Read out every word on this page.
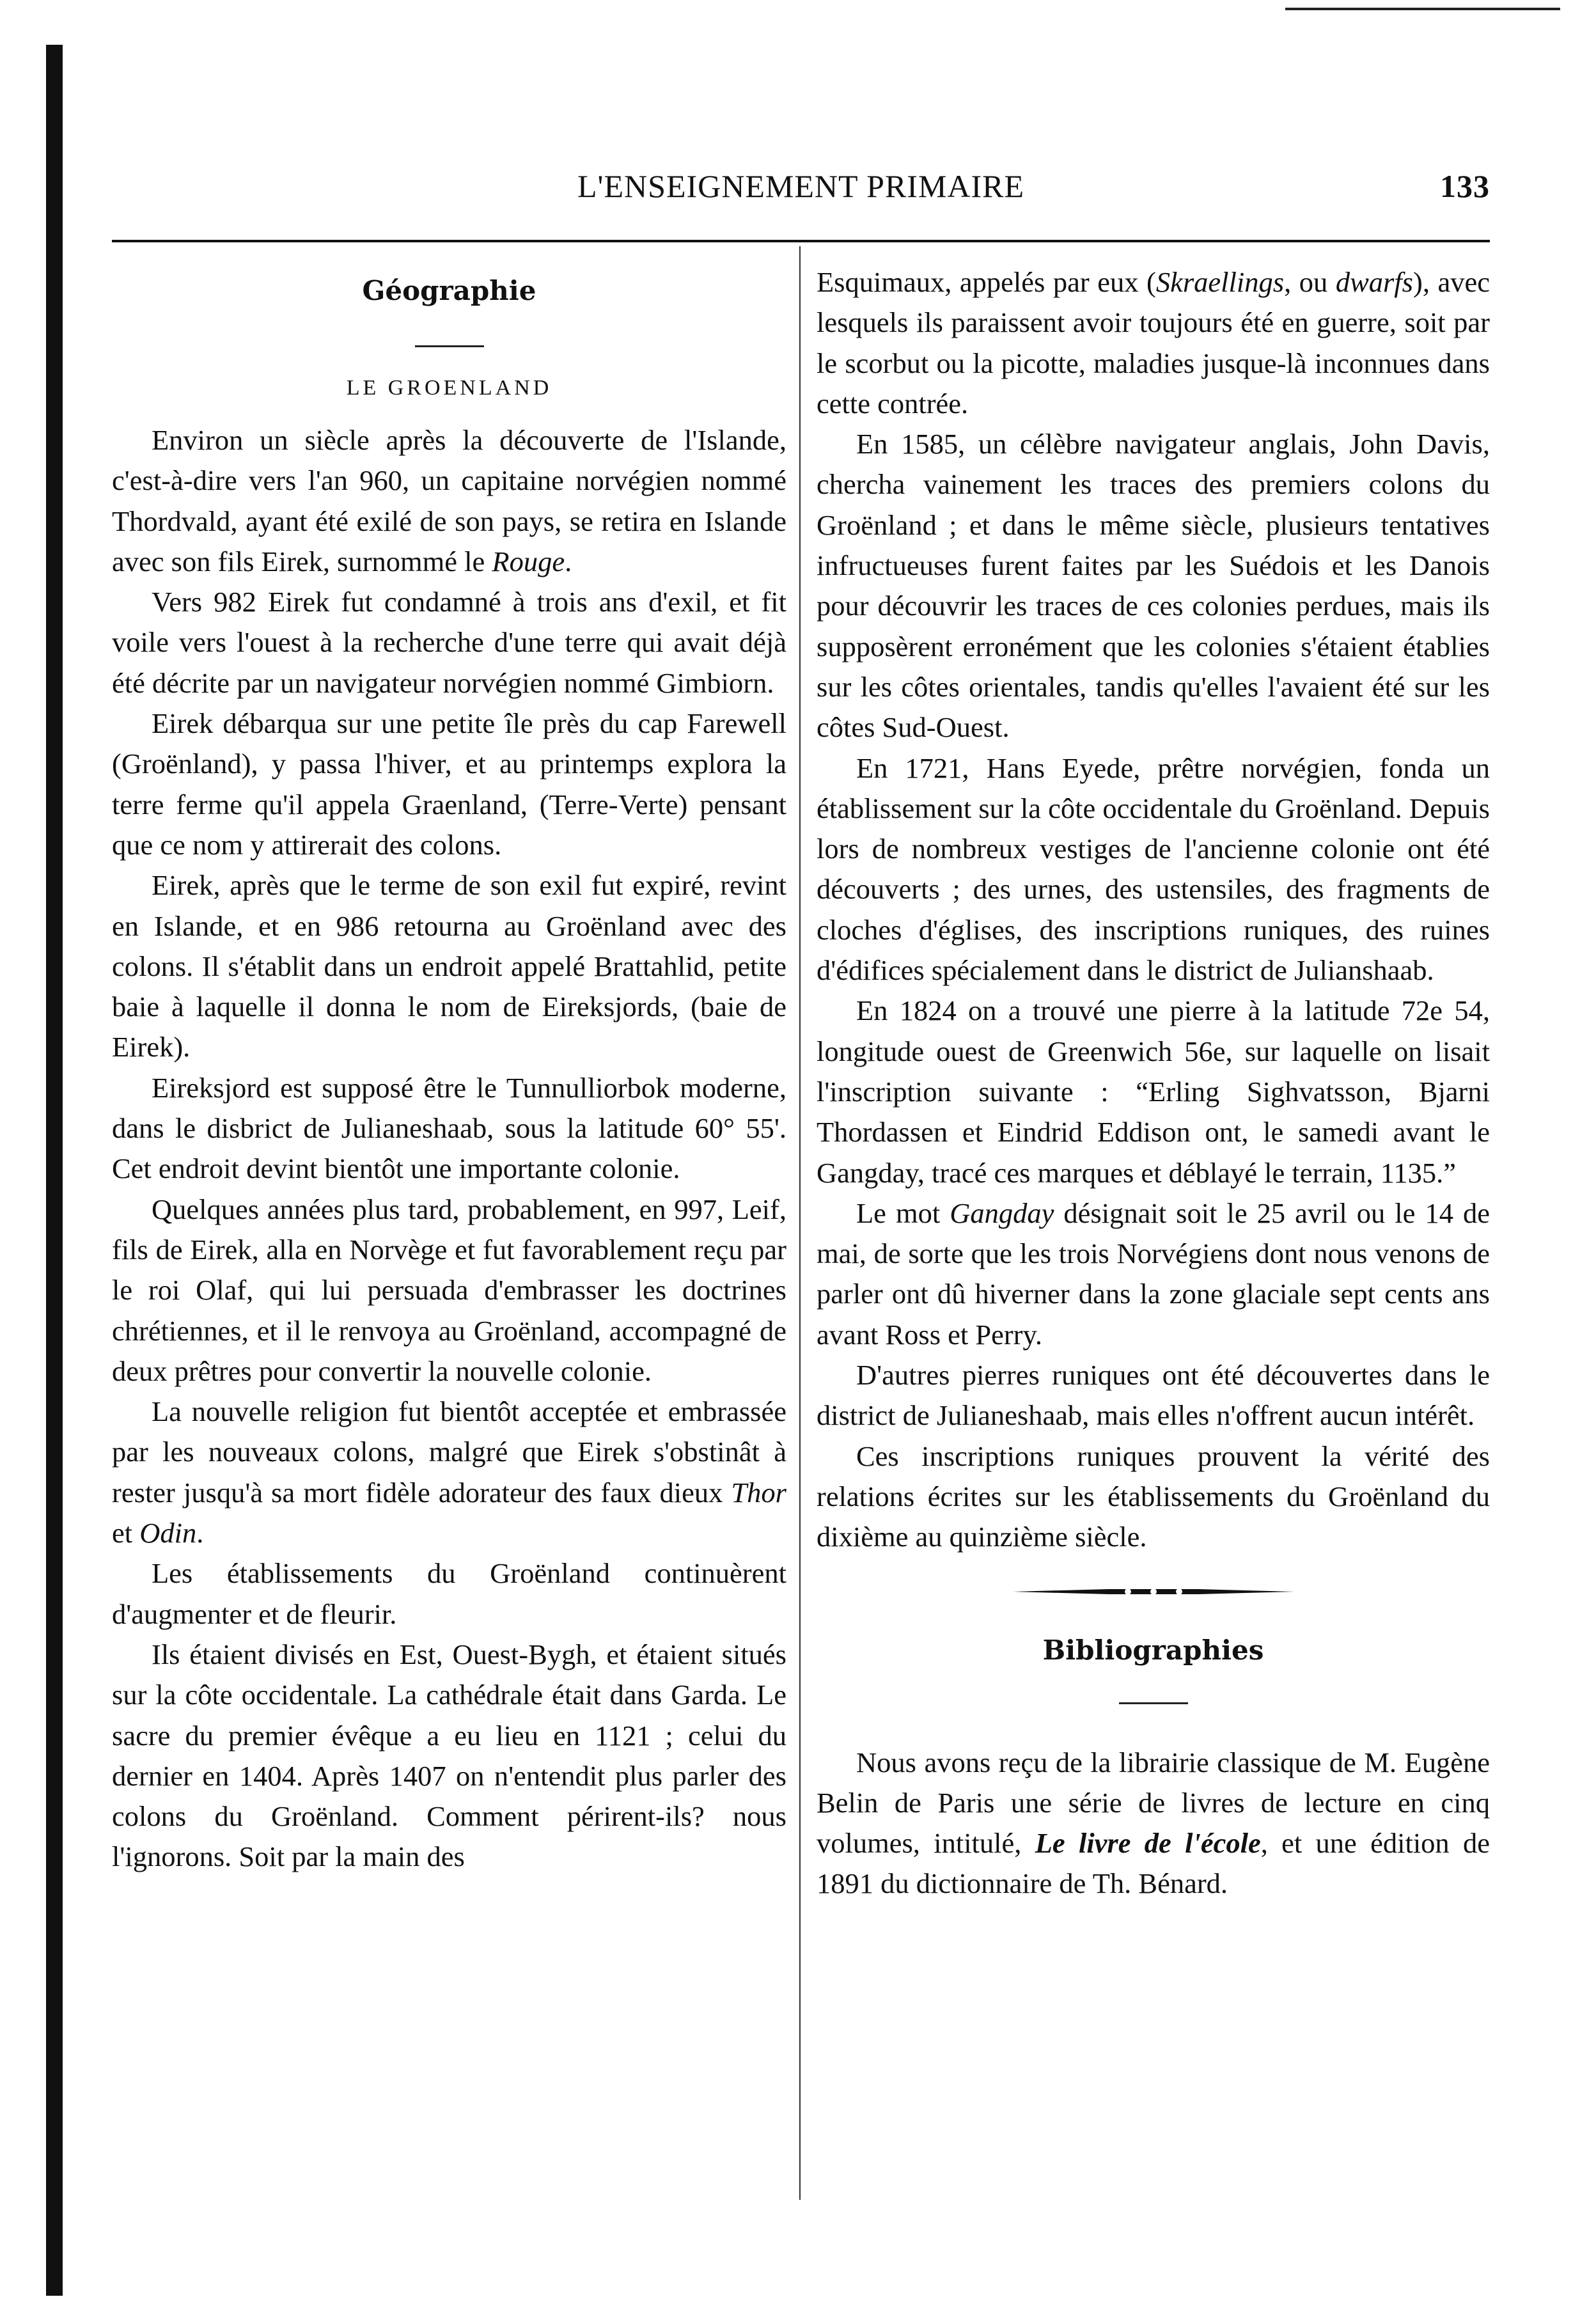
L'ENSEIGNEMENT PRIMAIRE	133
Géographie
LE GROENLAND

Environ un siècle après la découverte de l'Islande, c'est-à-dire vers l'an 960, un capitaine norvégien nommé Thordvald, ayant été exilé de son pays, se retira en Islande avec son fils Eirek, surnommé le Rouge.

Vers 982 Eirek fut condamné à trois ans d'exil, et fit voile vers l'ouest à la recherche d'une terre qui avait déjà été décrite par un navigateur norvégien nommé Gimbiorn.

Eirek débarqua sur une petite île près du cap Farewell (Groënland), y passa l'hiver, et au printemps explora la terre ferme qu'il appela Graenland, (Terre-Verte) pensant que ce nom y attirerait des colons.

Eirek, après que le terme de son exil fut expiré, revint en Islande, et en 986 retourna au Groënland avec des colons. Il s'établit dans un endroit appelé Brattahlid, petite baie à laquelle il donna le nom de Eireksjords, (baie de Eirek).

Eireksjord est supposé être le Tunnulliorbok moderne, dans le disbrict de Julianeshaab, sous la latitude 60° 55'. Cet endroit devint bientôt une importante colonie.

Quelques années plus tard, probablement, en 997, Leif, fils de Eirek, alla en Norvège et fut favorablement reçu par le roi Olaf, qui lui persuada d'embrasser les doctrines chrétiennes, et il le renvoya au Groënland, accompagné de deux prêtres pour convertir la nouvelle colonie.

La nouvelle religion fut bientôt acceptée et embrassée par les nouveaux colons, malgré que Eirek s'obstinât à rester jusqu'à sa mort fidèle adorateur des faux dieux Thor et Odin.

Les établissements du Groënland continuèrent d'augmenter et de fleurir.

Ils étaient divisés en Est, Ouest-Bygh, et étaient situés sur la côte occidentale. La cathédrale était dans Garda. Le sacre du premier évêque a eu lieu en 1121 ; celui du dernier en 1404. Après 1407 on n'entendit plus parler des colons du Groënland. Comment périrent-ils? nous l'ignorons. Soit par la main des

Esquimaux, appelés par eux (Skraellings, ou dwarfs), avec lesquels ils paraissent avoir toujours été en guerre, soit par le scorbut ou la picotte, maladies jusque-là inconnues dans cette contrée.

En 1585, un célèbre navigateur anglais, John Davis, chercha vainement les traces des premiers colons du Groënland ; et dans le même siècle, plusieurs tentatives infructueuses furent faites par les Suédois et les Danois pour découvrir les traces de ces colonies perdues, mais ils supposèrent erronément que les colonies s'étaient établies sur les côtes orientales, tandis qu'elles l'avaient été sur les côtes Sud-Ouest.

En 1721, Hans Eyede, prêtre norvégien, fonda un établissement sur la côte occidentale du Groënland. Depuis lors de nombreux vestiges de l'ancienne colonie ont été découverts ; des urnes, des ustensiles, des fragments de cloches d'églises, des inscriptions runiques, des ruines d'édifices spécialement dans le district de Julianshaab.

En 1824 on a trouvé une pierre à la latitude 72e 54, longitude ouest de Greenwich 56e, sur laquelle on lisait l'inscription suivante : “Erling Sighvatsson, Bjarni Thordassen et Eindrid Eddison ont, le samedi avant le Gangday, tracé ces marques et déblayé le terrain, 1135.”

Le mot Gangday désignait soit le 25 avril ou le 14 de mai, de sorte que les trois Norvégiens dont nous venons de parler ont dû hiverner dans la zone glaciale sept cents ans avant Ross et Perry.

D'autres pierres runiques ont été découvertes dans le district de Julianeshaab, mais elles n'offrent aucun intérêt.

Ces inscriptions runiques prouvent la vérité des relations écrites sur les établissements du Groënland du dixième au quinzième siècle.

Bibliographies

Nous avons reçu de la librairie classique de M. Eugène Belin de Paris une série de livres de lecture en cinq volumes, intitulé, Le livre de l'école, et une édition de 1891 du dictionnaire de Th. Bénard.
